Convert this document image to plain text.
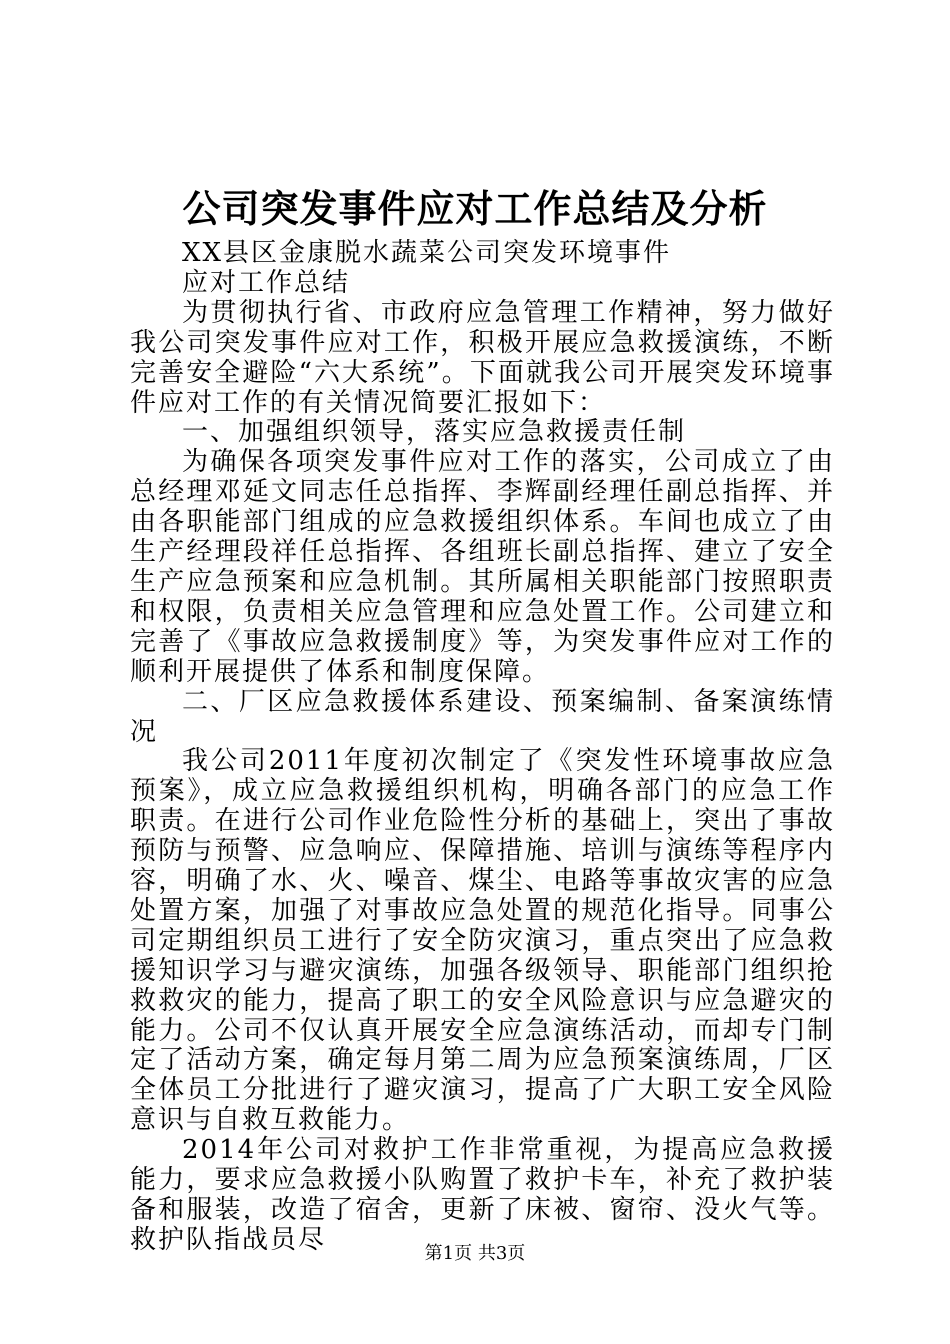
公司突发事件应对工作总结及分析

XX县区金康脱水蔬菜公司突发环境事件

应对工作总结

为贯彻执行省、市政府应急管理工作精神，努力做好我公司突发事件应对工作，积极开展应急救援演练，不断完善安全避险“六大系统”。下面就我公司开展突发环境事件应对工作的有关情况简要汇报如下：

一、加强组织领导，落实应急救援责任制

为确保各项突发事件应对工作的落实，公司成立了由总经理邓延文同志任总指挥、李辉副经理任副总指挥、并由各职能部门组成的应急救援组织体系。车间也成立了由生产经理段祥任总指挥、各组班长副总指挥、建立了安全生产应急预案和应急机制。其所属相关职能部门按照职责和权限，负责相关应急管理和应急处置工作。公司建立和完善了《事故应急救援制度》等，为突发事件应对工作的顺利开展提供了体系和制度保障。

二、厂区应急救援体系建设、预案编制、备案演练情况

我公司2011年度初次制定了《突发性环境事故应急预案》，成立应急救援组织机构，明确各部门的应急工作职责。在进行公司作业危险性分析的基础上，突出了事故预防与预警、应急响应、保障措施、培训与演练等程序内容，明确了水、火、噪音、煤尘、电路等事故灾害的应急处置方案，加强了对事故应急处置的规范化指导。同事公司定期组织员工进行了安全防灾演习，重点突出了应急救援知识学习与避灾演练，加强各级领导、职能部门组织抢救救灾的能力，提高了职工的安全风险意识与应急避灾的能力。公司不仅认真开展安全应急演练活动，而却专门制定了活动方案，确定每月第二周为应急预案演练周，厂区全体员工分批进行了避灾演习，提高了广大职工安全风险意识与自救互救能力。

2014年公司对救护工作非常重视，为提高应急救援能力，要求应急救援小队购置了救护卡车，补充了救护装备和服装，改造了宿舍，更新了床被、窗帘、没火气等。救护队指战员尽	第1页 共3页
